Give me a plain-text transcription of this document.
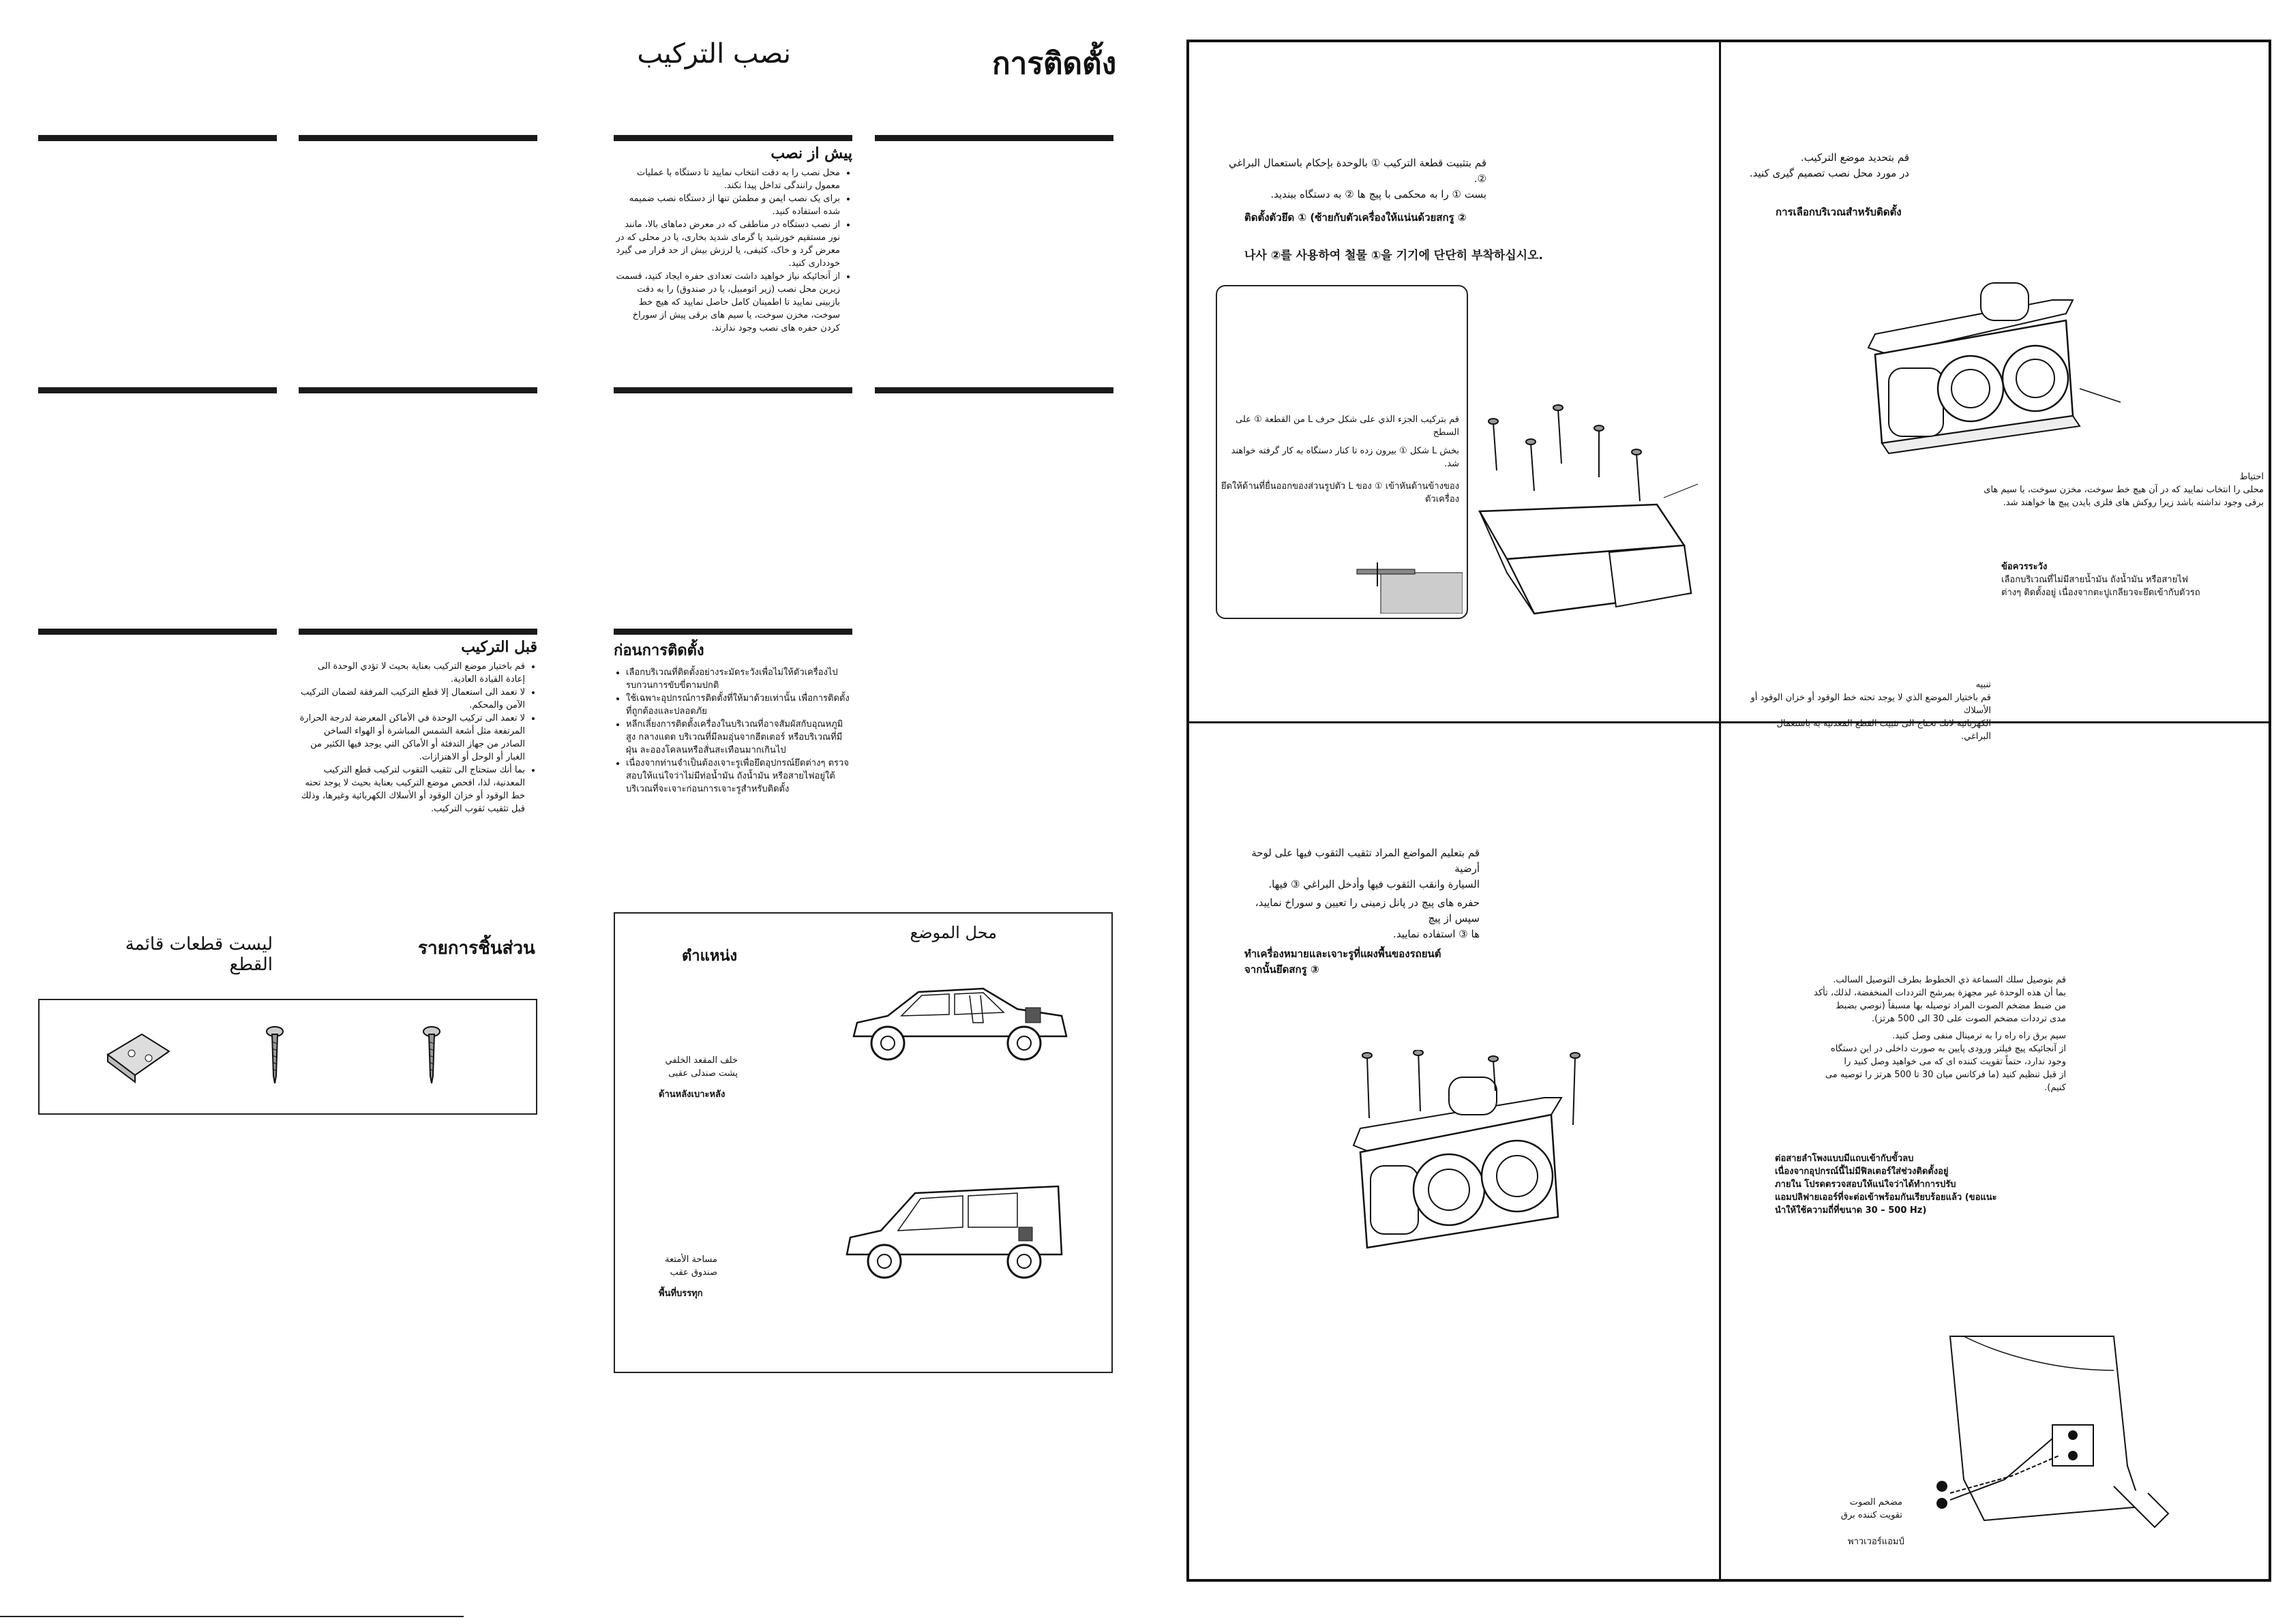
نصب التركيب	การติดตั้ง
پیش از نصب
• محل نصب را به دقت انتخاب نمایید تا دستگاه با عملیات معمول رانندگی تداخل پیدا نکند.
• برای یک نصب ایمن و مطمئن تنها از دستگاه نصب ضمیمه شده استفاده کنید.
• از نصب دستگاه در مناطقی که در معرض دماهای بالا، مانند نور مستقیم خورشید یا گرمای شدید بخاری، یا در محلی که در معرض گرد و خاک، کثیفی، یا لرزش بیش از حد قرار می گیرد خودداری کنید.
• از آنجائیکه نیاز خواهید داشت تعدادی حفره ایجاد کنید، قسمت زیرین محل نصب (زیر اتومبیل، یا در صندوق) را به دقت بازبینی نمایید تا اطمینان کامل حاصل نمایید که هیچ خط سوخت، مخزن سوخت، یا سیم های برقی پیش از سوراخ کردن حفره های نصب وجود ندارند.
قبل التركيب
• قم باختيار موضع التركيب بعناية بحيث لا تؤدي الوحدة الى إعادة القيادة العادية.
• لا تعمد الى استعمال إلا قطع التركيب المرفقة لضمان التركيب الآمن والمحكم.
• لا تعمد الى تركيب الوحدة في الأماكن المعرضة لدرجة الحرارة المرتفعة مثل أشعة الشمس المباشرة أو الهواء الساخن الصادر من جهاز التدفئة أو الأماكن التي يوجد فيها الكثير من الغبار أو الوحل أو الاهتزازات.
• بما أنك ستحتاج الى تثقيب الثقوب لتركيب قطع التركيب المعدنية، لذا، افحص موضع التركيب بعناية بحيث لا يوجد تحته خط الوقود أو خزان الوقود أو الأسلاك الكهربائية وغيرها، وذلك قبل تثقيب ثقوب التركيب.
ก่อนการติดตั้ง
• เลือกบริเวณที่ติดตั้งอย่างระมัดระวังเพื่อไม่ให้ตัวเครื่องไปรบกวนการขับขี่ตามปกติ
• ใช้เฉพาะอุปกรณ์การติดตั้งที่ให้มาด้วยเท่านั้น เพื่อการติดตั้งที่ถูกต้องและปลอดภัย
• หลีกเลี่ยงการติดตั้งเครื่องในบริเวณที่อาจสัมผัสกับอุณหภูมิสูง กลางแดด บริเวณที่มีลมอุ่นจากฮีตเตอร์ หรือบริเวณที่มีฝุ่น ละอองโคลนหรือสั่นสะเทือนมากเกินไป
• เนื่องจากท่านจำเป็นต้องเจาะรูเพื่อยึดอุปกรณ์ยึดต่างๆ ตรวจสอบให้แน่ใจว่าไม่มีท่อน้ำมัน ถังน้ำมัน หรือสายไฟอยู่ใต้บริเวณที่จะเจาะก่อนการเจาะรูสำหรับติดตั้ง
ليست قطعات قائمة القطع
รายการชิ้นส่วน
محل الموضع
ตำแหน่ง
خلف المقعد الخلفي
پشت صندلی عقبی
ด้านหลังเบาะหลัง
مساحة الأمتعة
صندوق عقب
พื้นที่บรรทุก
قم بتحديد موضع التركيب.
در مورد محل نصب تصمیم گیری کنید.
การเลือกบริเวณสำหรับติดตั้ง
احتیاط
محلی را انتخاب نمایید که در آن هیچ خط سوخت، مخزن سوخت، یا سیم های
برقی وجود نداشته باشد زیرا روکش های فلزی بایدن پیچ ها خواهند شد.
ข้อควรระวัง
เลือกบริเวณที่ไม่มีสายน้ำมัน ถังน้ำมัน หรือสายไฟ
ต่างๆ ติดตั้งอยู่ เนื่องจากตะปูเกลียวจะยึดเข้ากับตัวรถ
تنبيه
قم باختيار الموضع الذي لا يوجد تحته خط الوقود أو خزان الوقود أو الأسلاك
الكهربائية لانك تحتاج الى تثبيت القطع المعدنية به باستعمال البراغي.
قم بتثبيت قطعة التركيب ① بالوحدة بإحكام باستعمال البراغي ②.
بست ① را به محکمی با پیچ ها ② به دستگاه ببندید.
ติดตั้งตัวยึด ① (ซ้ายกับตัวเครื่องให้แน่นด้วยสกรู ②
나사 ②를 사용하여 철물 ①을 기기에 단단히 부착하십시오.
قم بتركيب الجزء الذي على شكل حرف L من القطعة ① على السطح
بخش L شکل ① بیرون زده تا کنار دستگاه به کار گرفته خواهند شد.
ยึดให้ด้านที่ยื่นออกของส่วนรูปตัว L ของ ① เข้าหันด้านข้างของตัวเครื่อง
قم بتعليم المواضع المراد تثقيب الثقوب فيها على لوحة أرضية
السيارة وانقب الثقوب فيها وأدخل البراغي ③ فيها.
حفره های پیچ در پانل زمینی را تعیین و سوراخ نمایید، سپس از پیچ
ها ③ استفاده نمایید.
ทำเครื่องหมายและเจาะรูที่แผงพื้นของรถยนต์
จากนั้นยึดสกรู ③
قم بتوصيل سلك السماعة ذي الخطوط بطرف التوصيل السالب.
بما أن هذه الوحدة غير مجهزة بمرشح الترددات المنخفضة، لذلك، تأكد
من ضبط مضخم الصوت المراد توصيله بها مسبقاً (نوصي بضبط
مدى ترددات مضخم الصوت على 30 الى 500 هرتز).
سیم برق راه راه را به ترمینال منفی وصل کنید.
از آنجائیکه پیچ فیلتر ورودی پایین به صورت داخلی در این دستگاه
وجود ندارد، حتماً تقویت کننده ای که می خواهید وصل کنید را
از قبل تنظیم کنید (ما فرکانس میان 30 تا 500 هرتز را توصیه می
کنیم).
ต่อสายลำโพงแบบมีแถบเข้ากับขั้วลบ
เนื่องจากอุปกรณ์นี้ไม่มีฟิลเตอร์ใส่ช่วงติดตั้งอยู่
ภายใน โปรดตรวจสอบให้แน่ใจว่าได้ทำการปรับ
แอมปลิฟายเออร์ที่จะต่อเข้าพร้อมกันเรียบร้อยแล้ว (ขอแนะ
นำให้ใช้ความถี่ที่ขนาด 30 – 500 Hz)
مضخم الصوت
تقويت کننده برق
พาวเวอร์แอมป์
